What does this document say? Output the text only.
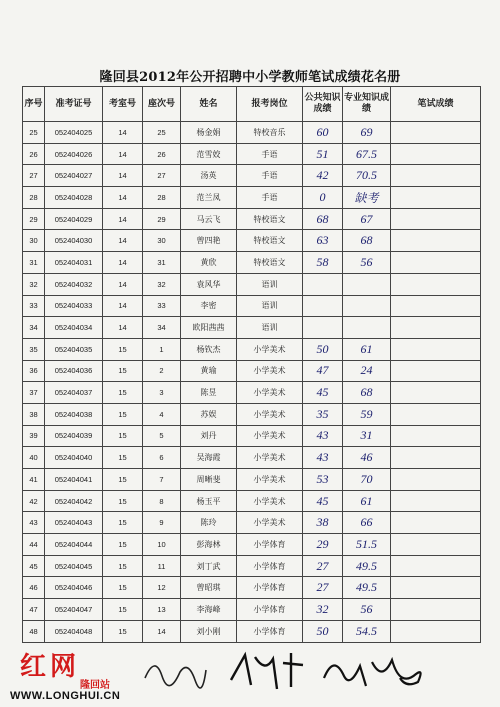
隆回县2012年公开招聘中小学教师笔试成绩花名册
序号	准考证号	考室号	座次号	姓名	报考岗位	公共知识成绩	专业知识成绩	笔试成绩
25	052404025	14	25	杨金娟	特校音乐	60	69	
26	052404026	14	26	范雪姣	手语	51	67.5	
27	052404027	14	27	汤英	手语	42	70.5	
28	052404028	14	28	范兰凤	手语	0	缺考	
29	052404029	14	29	马云飞	特校语文	68	67	
30	052404030	14	30	曾四艳	特校语文	63	68	
31	052404031	14	31	黄欣	特校语文	58	56	
32	052404032	14	32	袁风华	语训			
33	052404033	14	33	李密	语训			
34	052404034	14	34	欧阳茜茜	语训			
35	052404035	15	1	杨钦杰	小学美术	50	61	
36	052404036	15	2	黄瑜	小学美术	47	24	
37	052404037	15	3	陈昱	小学美术	45	68	
38	052404038	15	4	苏娱	小学美术	35	59	
39	052404039	15	5	刘丹	小学美术	43	31	
40	052404040	15	6	吴海霞	小学美术	43	46	
41	052404041	15	7	周晰斐	小学美术	53	70	
42	052404042	15	8	杨玉平	小学美术	45	61	
43	052404043	15	9	陈玲	小学美术	38	66	
44	052404044	15	10	彭海林	小学体育	29	51.5	
45	052404045	15	11	刘丁武	小学体育	27	49.5	
46	052404046	15	12	曾昭琪	小学体育	27	49.5	
47	052404047	15	13	李海峰	小学体育	32	56	
48	052404048	15	14	刘小刚	小学体育	50	54.5	
红网
隆回站
WWW.LONGHUI.CN
